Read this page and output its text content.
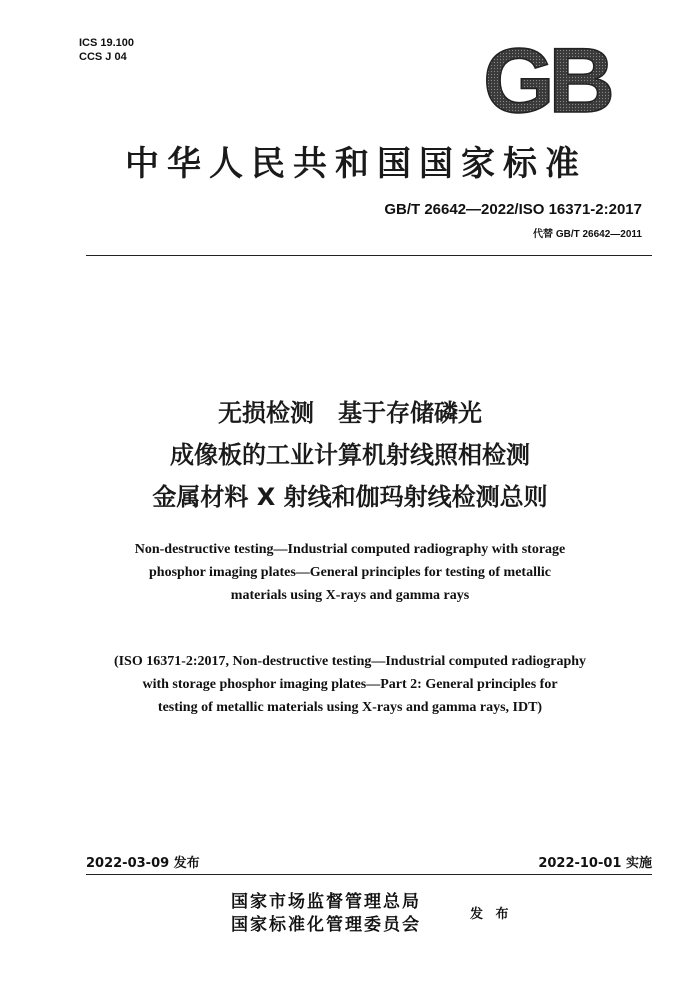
ICS 19.100
CCS J 04	GB
中华人民共和国国家标准
GB/T 26642—2022/ISO 16371-2:2017
代替 GB/T 26642—2011
无损检测　基于存储磷光
成像板的工业计算机射线照相检测
金属材料 X 射线和伽玛射线检测总则
Non-destructive testing—Industrial computed radiography with storage
phosphor imaging plates—General principles for testing of metallic
materials using X-rays and gamma rays
(ISO 16371-2:2017, Non-destructive testing—Industrial computed radiography
with storage phosphor imaging plates—Part 2: General principles for
testing of metallic materials using X-rays and gamma rays, IDT)
2022-03-09 发布	2022-10-01 实施
国家市场监督管理总局
国家标准化管理委员会
发 布
